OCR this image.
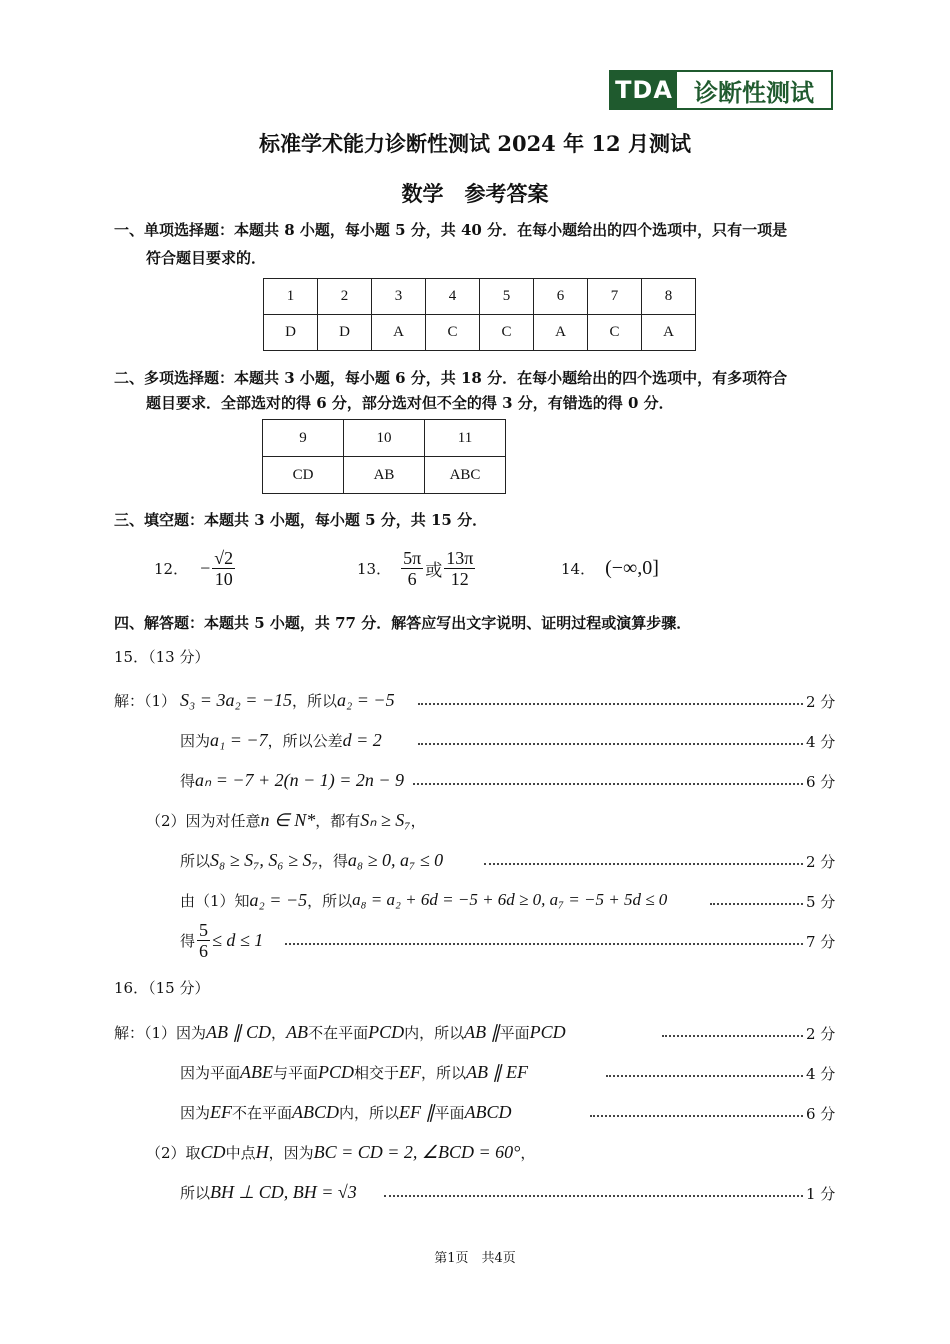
TDA 诊断性测试
标准学术能力诊断性测试 2024 年 12 月测试
数学　参考答案
一、单项选择题：本题共 8 小题，每小题 5 分，共 40 分．在每小题给出的四个选项中，只有一项是
符合题目要求的．
1	2	3	4	5	6	7	8
D	D	A	C	C	A	C	A
二、多项选择题：本题共 3 小题，每小题 6 分，共 18 分．在每小题给出的四个选项中，有多项符合
题目要求．全部选对的得 6 分，部分选对但不全的得 3 分，有错选的得 0 分．
9	10	11
CD	AB	ABC
三、填空题：本题共 3 小题，每小题 5 分，共 15 分．
12． − $\frac{√2}{10}$	13． $\frac{5\pi}{6}$ 或 $\frac{13\pi}{12}$	14． (−∞,0]
四、解答题：本题共 5 小题，共 77 分．解答应写出文字说明、证明过程或演算步骤．
15．（13 分）
解：（1） S₃ = 3a₂ = −15 ，所以 a₂ = −5	2 分
因为 a₁ = −7 ，所以公差 d = 2	4 分
得 aₙ = −7 + 2(n − 1) = 2n − 9	6 分
（2）因为对任意 n ∈ N* ，都有 Sₙ ≥ S₇ ，
所以 S₈ ≥ S₇, S₆ ≥ S₇ ，得 a₈ ≥ 0, a₇ ≤ 0	2 分
由（1）知 a₂ = −5 ，所以 a₈ = a₂ + 6d = −5 + 6d ≥ 0, a₇ = −5 + 5d ≤ 0	5 分
得 $\frac{5}{6} \le d \le 1$	7 分
16．（15 分）
解：（1）因为 AB ∥ CD ， AB 不在平面 PCD 内，所以 AB ∥ 平面 PCD	2 分
因为平面 ABE 与平面 PCD 相交于 EF ，所以 AB ∥ EF	4 分
因为 EF 不在平面 ABCD 内，所以 EF ∥ 平面 ABCD	6 分
（2）取 CD 中点 H ，因为 BC = CD = 2, ∠BCD = 60° ，
所以 BH ⊥ CD, BH = √3	1 分
第1页　共4页
